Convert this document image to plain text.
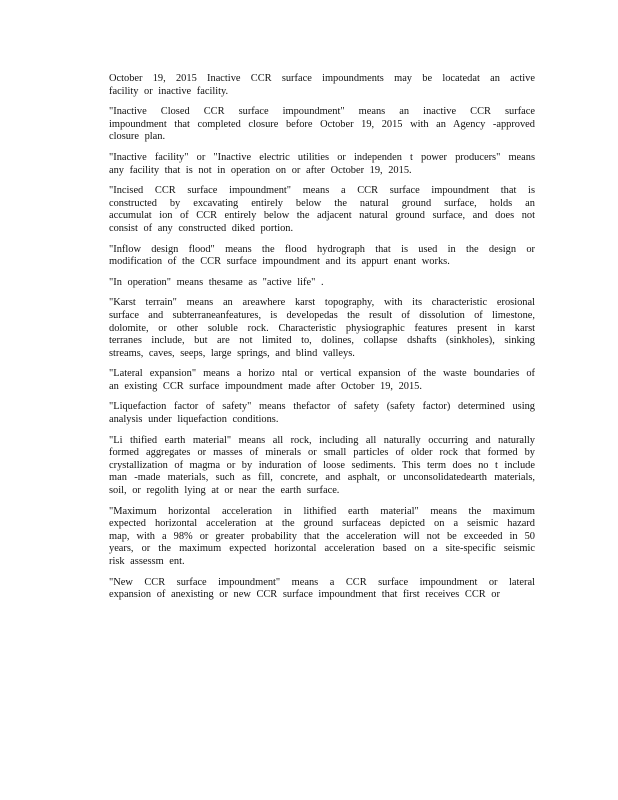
October 19, 2015 Inactive CCR surface impoundments may be locatedat an active
facility or inactive facility.
"Inactive Closed CCR surface impoundment" means an inactive CCR surface
impoundment that completed closure before October 19, 2015 with an Agency -approved
closure plan.
"Inactive facility" or "Inactive electric utilities or independen t power producers" means
any facility that is not in operation on or after October 19, 2015.
"Incised CCR surface impoundment" means a CCR surface impoundment that is
constructed by excavating entirely below the natural ground surface, holds an
accumulat ion of CCR entirely below the adjacent natural ground surface, and does not
consist of any constructed diked portion.
"Inflow design flood" means the flood hydrograph that is used in the design or
modification of the CCR surface impoundment and its appurt enant works.
"In operation" means thesame as "active life" .
"Karst terrain" means an areawhere karst topography, with its characteristic erosional
surface and subterraneanfeatures, is developedas the result of dissolution of limestone,
dolomite, or other soluble rock. Characteristic physiographic features present in karst
terranes include, but are not limited to, dolines, collapse dshafts (sinkholes), sinking
streams, caves, seeps, large springs, and blind valleys.
"Lateral expansion" means a horizo ntal or vertical expansion of the waste boundaries of
an existing CCR surface impoundment made after October 19, 2015.
"Liquefaction factor of safety" means thefactor of safety (safety factor) determined using
analysis under liquefaction conditions.
"Li thified earth material" means all rock, including all naturally occurring and naturally
formed aggregates or masses of minerals or small particles of older rock that formed by
crystallization of magma or by induration of loose sediments. This term does no t include
man -made materials, such as fill, concrete, and asphalt, or unconsolidatedearth materials,
soil, or regolith lying at or near the earth surface.
"Maximum horizontal acceleration in lithified earth material" means the maximum
expected horizontal acceleration at the ground surfaceas depicted on a seismic hazard
map, with a 98% or greater probability that the acceleration will not be exceeded in 50
years, or the maximum expected horizontal acceleration based on a site-specific seismic
risk assessm ent.
"New CCR surface impoundment" means a CCR surface impoundment or lateral
expansion of anexisting or new CCR surface impoundment that first receives CCR or
